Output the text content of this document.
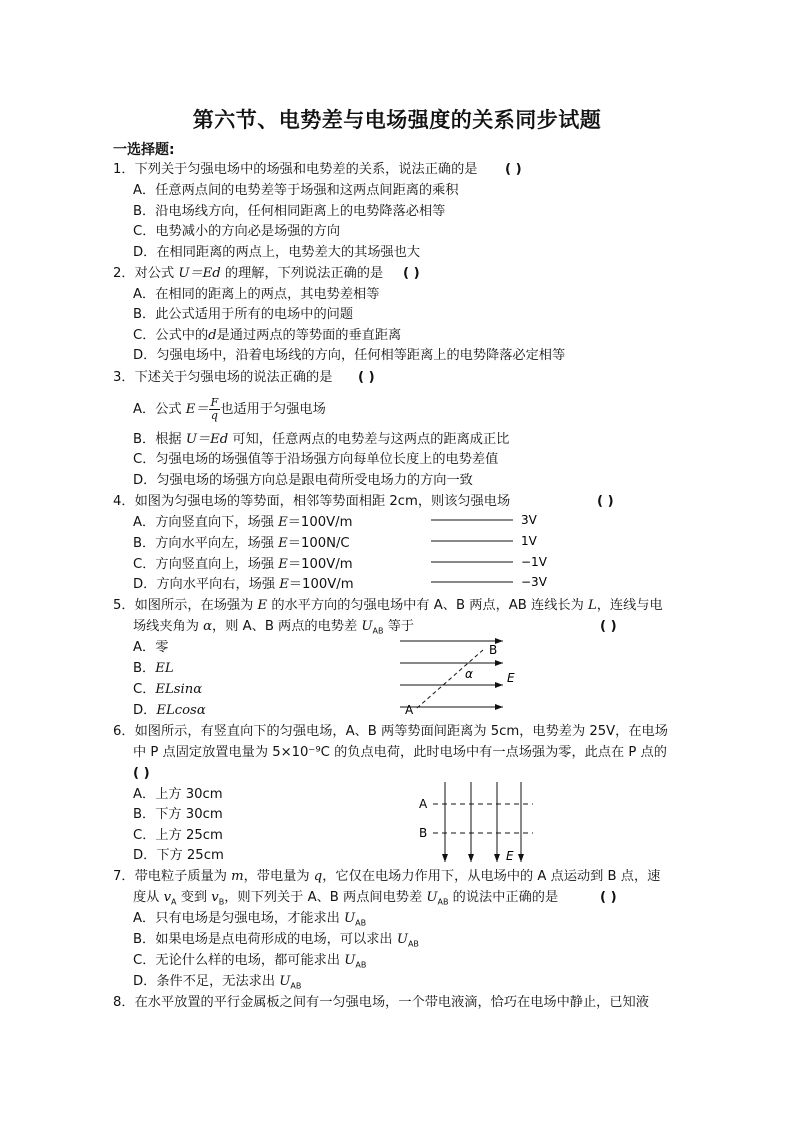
第六节、电势差与电场强度的关系同步试题
一选择题:
1．下列关于匀强电场中的场强和电势差的关系，说法正确的是 ( )
A．任意两点间的电势差等于场强和这两点间距离的乘积
B．沿电场线方向，任何相同距离上的电势降落必相等
C．电势减小的方向必是场强的方向
D．在相同距离的两点上，电势差大的其场强也大
2．对公式 U＝Ed 的理解，下列说法正确的是 ( )
A．在相同的距离上的两点，其电势差相等
B．此公式适用于所有的电场中的问题
C．公式中的d是通过两点的等势面的垂直距离
D．匀强电场中，沿着电场线的方向，任何相等距离上的电势降落必定相等
3．下述关于匀强电场的说法正确的是 ( )
A．公式 $E= \frac{F}{q}$ 也适用于匀强电场
B．根据 U＝Ed 可知，任意两点的电势差与这两点的距离成正比
C．匀强电场的场强值等于沿场强方向每单位长度上的电势差值
D．匀强电场的场强方向总是跟电荷所受电场力的方向一致
4．如图为匀强电场的等势面，相邻等势面相距 2cm，则该匀强电场	( )
A．方向竖直向下，场强 E＝100V/m
B．方向水平向左，场强 E＝100N/C
C．方向竖直向上，场强 E＝100V/m
D．方向水平向右，场强 E＝100V/m
3V
1V
−1V
−3V
5．如图所示，在场强为 E 的水平方向的匀强电场中有 A、B 两点，AB 连线长为 L，连线与电
场线夹角为 α，则 A、B 两点的电势差 $U_{AB}$ 等于	( )
A．零
B．EL
C．ELsinα
D．ELcosα	A
B
α	E
6．如图所示，有竖直向下的匀强电场，A、B 两等势面间距离为 5cm，电势差为 25V，在电场
中 P 点固定放置电量为 5×10⁻⁹C 的负点电荷，此时电场中有一点场强为零，此点在 P 点的
( )
A．上方 30cm
B．下方 30cm
C．上方 25cm
D．下方 25cm
A
B
E
7．带电粒子质量为 m，带电量为 q，它仅在电场力作用下，从电场中的 A 点运动到 B 点，速
度从 $v_A$ 变到 $v_B$，则下列关于 A、B 两点间电势差 $U_{AB}$ 的说法中正确的是	( )
A．只有电场是匀强电场，才能求出 $U_{AB}$
B．如果电场是点电荷形成的电场，可以求出 $U_{AB}$
C．无论什么样的电场，都可能求出 $U_{AB}$
D．条件不足，无法求出 $U_{AB}$
8．在水平放置的平行金属板之间有一匀强电场，一个带电液滴，恰巧在电场中静止，已知液
